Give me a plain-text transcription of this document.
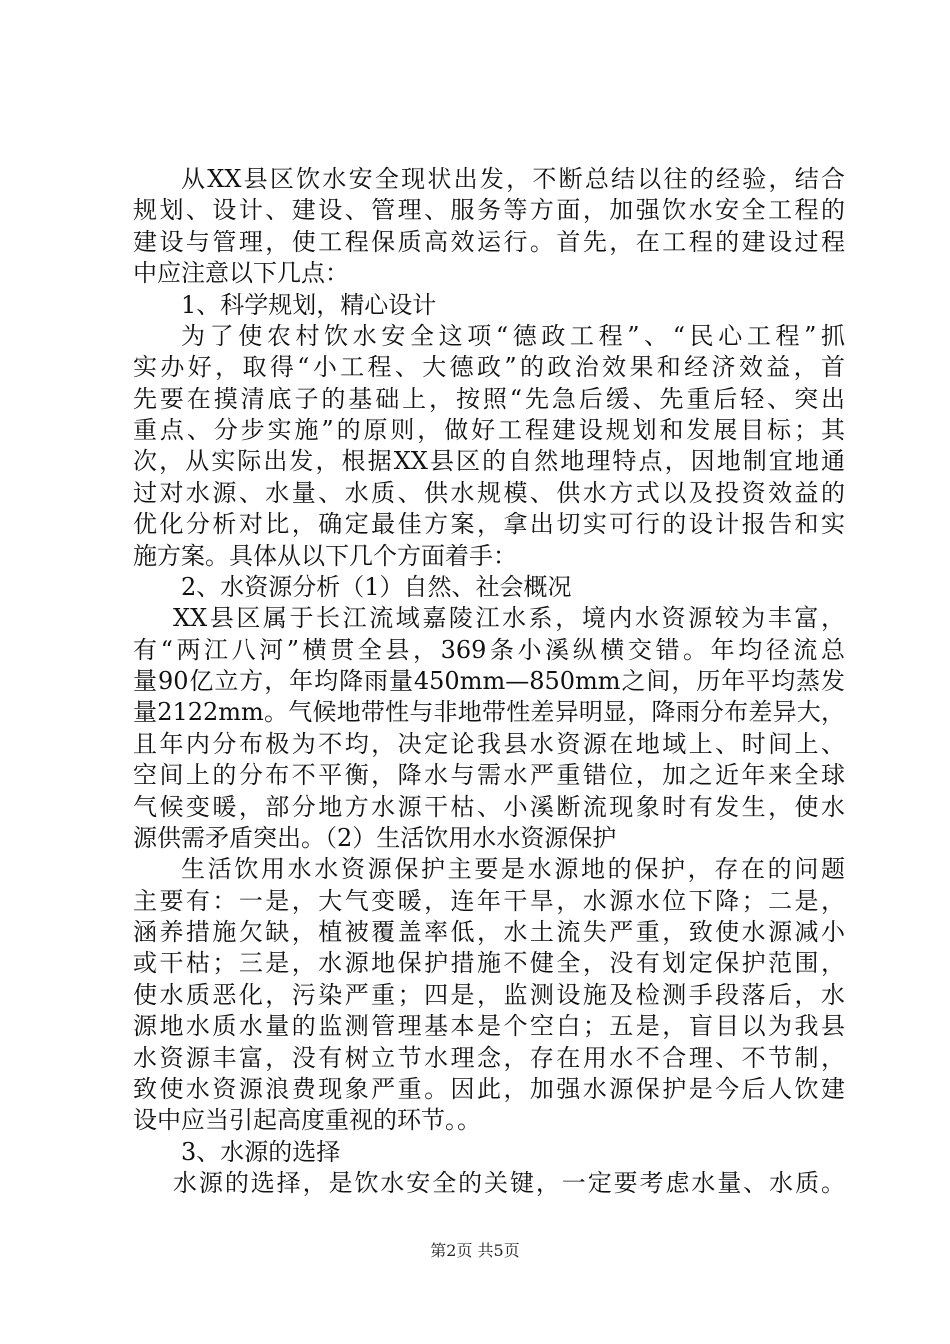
从XX县区饮水安全现状出发，不断总结以往的经验，结合
规划、设计、建设、管理、服务等方面，加强饮水安全工程的
建设与管理，使工程保质高效运行。首先，在工程的建设过程
中应注意以下几点：
1、科学规划，精心设计
为了使农村饮水安全这项“德政工程”、“民心工程”抓
实办好，取得“小工程、大德政”的政治效果和经济效益，首
先要在摸清底子的基础上，按照“先急后缓、先重后轻、突出
重点、分步实施”的原则，做好工程建设规划和发展目标；其
次，从实际出发，根据XX县区的自然地理特点，因地制宜地通
过对水源、水量、水质、供水规模、供水方式以及投资效益的
优化分析对比，确定最佳方案，拿出切实可行的设计报告和实
施方案。具体从以下几个方面着手：
2、水资源分析（1）自然、社会概况
XX县区属于长江流域嘉陵江水系，境内水资源较为丰富，
有“两江八河”横贯全县，369条小溪纵横交错。年均径流总
量90亿立方，年均降雨量450mm—850mm之间，历年平均蒸发
量2122mm。气候地带性与非地带性差异明显，降雨分布差异大，
且年内分布极为不均，决定论我县水资源在地域上、时间上、
空间上的分布不平衡，降水与需水严重错位，加之近年来全球
气候变暖，部分地方水源干枯、小溪断流现象时有发生，使水
源供需矛盾突出。（2）生活饮用水水资源保护
生活饮用水水资源保护主要是水源地的保护，存在的问题
主要有：一是，大气变暖，连年干旱，水源水位下降；二是，
涵养措施欠缺，植被覆盖率低，水土流失严重，致使水源减小
或干枯；三是，水源地保护措施不健全，没有划定保护范围，
使水质恶化，污染严重；四是，监测设施及检测手段落后，水
源地水质水量的监测管理基本是个空白；五是，盲目以为我县
水资源丰富，没有树立节水理念，存在用水不合理、不节制，
致使水资源浪费现象严重。因此，加强水源保护是今后人饮建
设中应当引起高度重视的环节。。
3、水源的选择
水源的选择，是饮水安全的关键，一定要考虑水量、水质。
第2页 共5页
